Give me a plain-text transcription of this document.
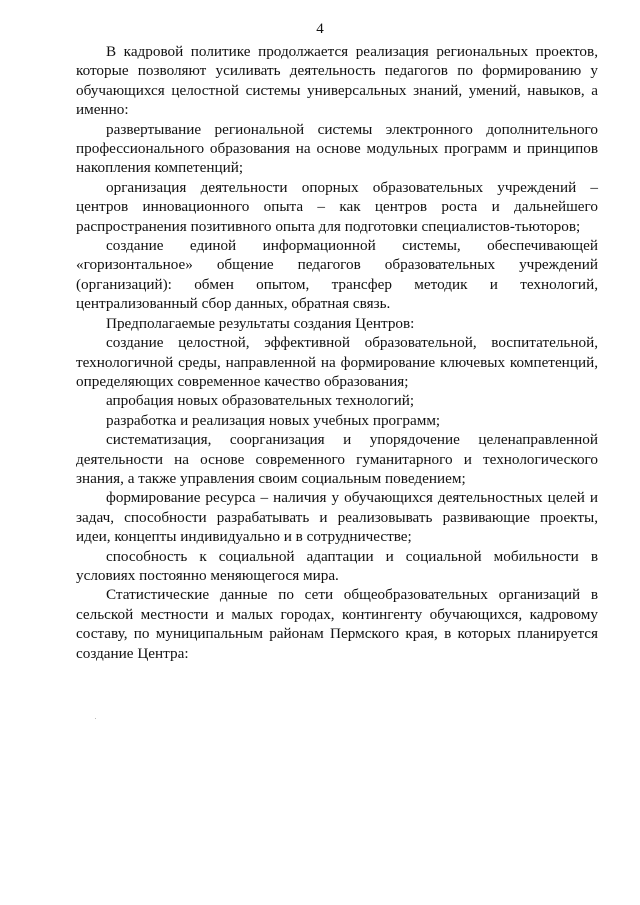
4

В кадровой политике продолжается реализация региональных проектов, которые позволяют усиливать деятельность педагогов по формированию у обучающихся целостной системы универсальных знаний, умений, навыков, а именно:

развертывание региональной системы электронного дополнительного профессионального образования на основе модульных программ и принципов накопления компетенций;

организация деятельности опорных образовательных учреждений – центров инновационного опыта – как центров роста и дальнейшего распространения позитивного опыта для подготовки специалистов-тьюторов;

создание единой информационной системы, обеспечивающей «горизонтальное» общение педагогов образовательных учреждений (организаций): обмен опытом, трансфер методик и технологий, централизованный сбор данных, обратная связь.

Предполагаемые результаты создания Центров:

создание целостной, эффективной образовательной, воспитательной, технологичной среды, направленной на формирование ключевых компетенций, определяющих современное качество образования;

апробация новых образовательных технологий;

разработка и реализация новых учебных программ;

систематизация, соорганизация и упорядочение целенаправленной деятельности на основе современного гуманитарного и технологического знания, а также управления своим социальным поведением;

формирование ресурса – наличия у обучающихся деятельностных целей и задач, способности разрабатывать и реализовывать развивающие проекты, идеи, концепты индивидуально и в сотрудничестве;

способность к социальной адаптации и социальной мобильности в условиях постоянно меняющегося мира.

Статистические данные по сети общеобразовательных организаций в сельской местности и малых городах, контингенту обучающихся, кадровому составу, по муниципальным районам Пермского края, в которых планируется создание Центра:
